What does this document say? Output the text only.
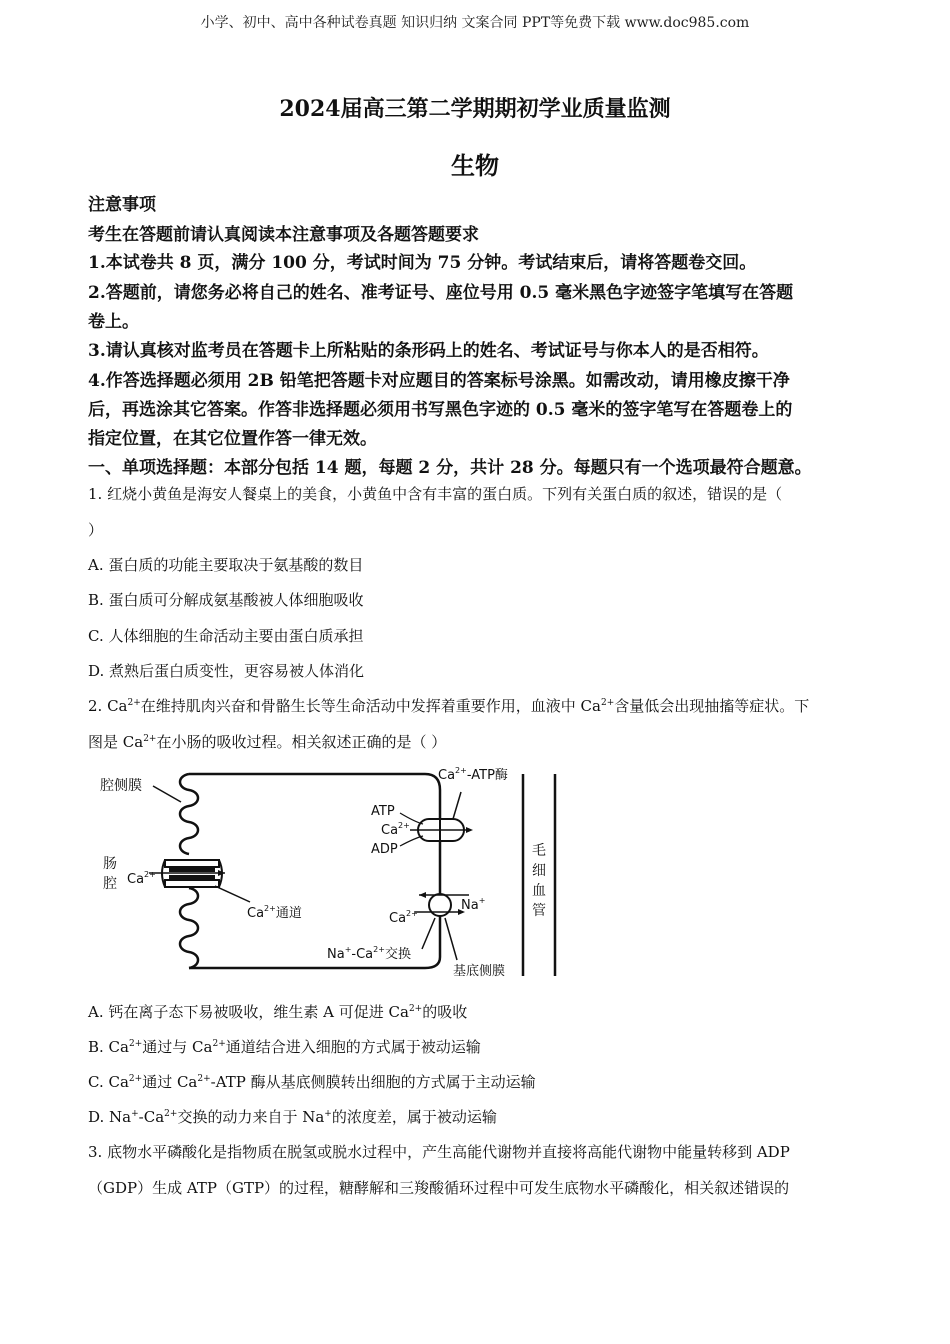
小学、初中、高中各种试卷真题 知识归纳 文案合同 PPT等免费下载 www.doc985.com
2024届高三第二学期期初学业质量监测
生物
注意事项
考生在答题前请认真阅读本注意事项及各题答题要求
1.本试卷共 8 页，满分 100 分，考试时间为 75 分钟。考试结束后，请将答题卷交回。
2.答题前，请您务必将自己的姓名、准考证号、座位号用 0.5 毫米黑色字迹签字笔填写在答题
卷上。
3.请认真核对监考员在答题卡上所粘贴的条形码上的姓名、考试证号与你本人的是否相符。
4.作答选择题必须用 2B 铅笔把答题卡对应题目的答案标号涂黑。如需改动，请用橡皮擦干净
后，再选涂其它答案。作答非选择题必须用书写黑色字迹的 0.5 毫米的签字笔写在答题卷上的
指定位置，在其它位置作答一律无效。
一、单项选择题：本部分包括 14 题，每题 2 分，共计 28 分。每题只有一个选项最符合题意。
1. 红烧小黄鱼是海安人餐桌上的美食，小黄鱼中含有丰富的蛋白质。下列有关蛋白质的叙述，错误的是（
）
A. 蛋白质的功能主要取决于氨基酸的数目
B. 蛋白质可分解成氨基酸被人体细胞吸收
C. 人体细胞的生命活动主要由蛋白质承担
D. 煮熟后蛋白质变性，更容易被人体消化
2. $Ca^{2+}$在维持肌肉兴奋和骨骼生长等生命活动中发挥着重要作用，血液中 $Ca^{2+}$含量低会出现抽搐等症状。下
图是 $Ca^{2+}$在小肠的吸收过程。相关叙述正确的是（ ）
腔侧膜
肠
腔 $Ca^{2+}$
$Ca^{2+}$通道
$Ca^{2+}$-ATP酶
ATP
$Ca^{2+}$
ADP
Na+
$Ca^{2+}$
$Na^+-Ca^{2+}$交换
基底侧膜
毛
细
血
管
A. 钙在离子态下易被吸收，维生素 A 可促进 $Ca^{2+}$的吸收
B. $Ca^{2+}$通过与 $Ca^{2+}$通道结合进入细胞的方式属于被动运输
C. $Ca^{2+}$通过 $Ca^{2+}$-ATP 酶从基底侧膜转出细胞的方式属于主动运输
D. $Na^+-Ca^{2+}$交换的动力来自于 Na+的浓度差，属于被动运输
3. 底物水平磷酸化是指物质在脱氢或脱水过程中，产生高能代谢物并直接将高能代谢物中能量转移到 ADP
（GDP）生成 ATP（GTP）的过程，糖酵解和三羧酸循环过程中可发生底物水平磷酸化，相关叙述错误的
